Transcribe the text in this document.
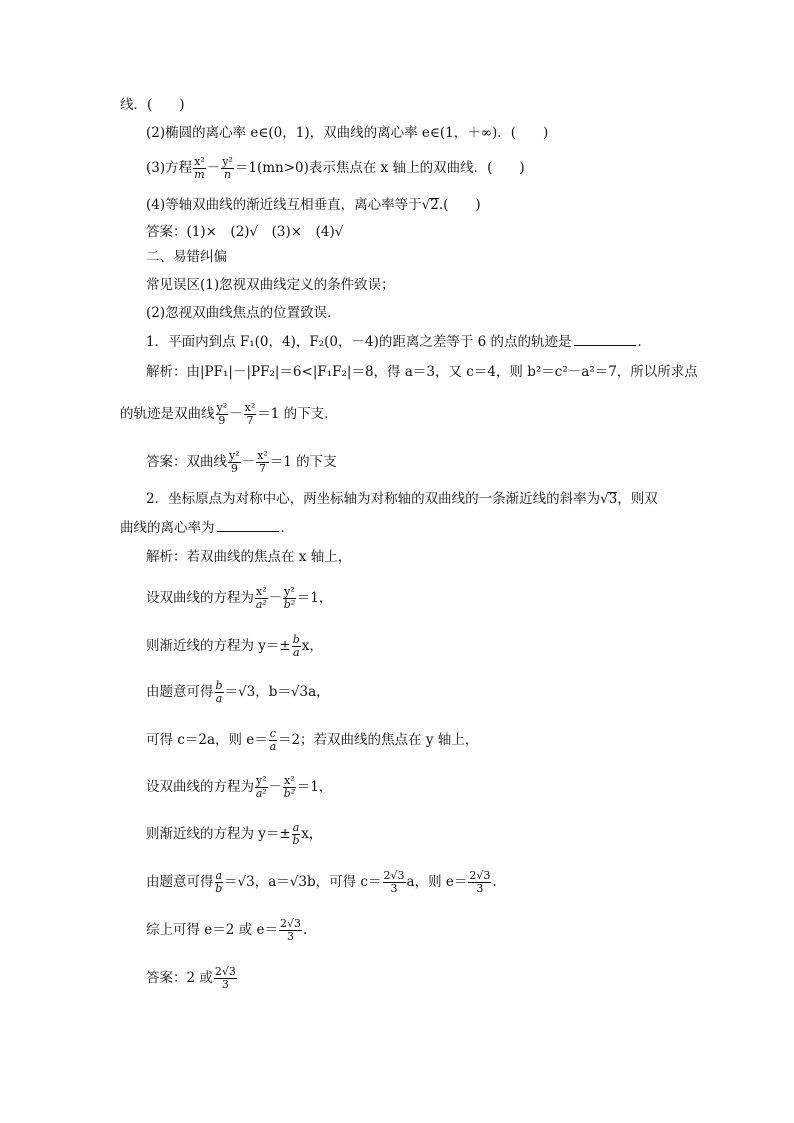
线．(　　)
(2)椭圆的离心率 e∈(0，1)，双曲线的离心率 e∈(1，＋∞)．(　　)
(3)方程 $\frac{\text{x²}}{m} - \frac{\text{y²}}{n} =1(mn>0)$表示焦点在 x 轴上的双曲线．(　　)
(4)等轴双曲线的渐近线互相垂直，离心率等于√2.(　　)
答案：(1)×　(2)√　(3)×　(4)√
二、易错纠偏
常见误区(1)忽视双曲线定义的条件致误；
(2)忽视双曲线焦点的位置致误．
1．平面内到点 F₁(0，4)，F₂(0，－4)的距离之差等于 6 的点的轨迹是	．
解析：由|PF₁|－|PF₂|＝6<|F₁F₂|＝8，得 a＝3，又 c＝4，则 b²＝c²－a²＝7，所以所求点
的轨迹是双曲线 $\frac{\text{y²}}{9} - \frac{\text{x²}}{7} =1$ 的下支．
答案：双曲线 $\frac{\text{y²}}{9} - \frac{\text{x²}}{7} =1$ 的下支
2．坐标原点为对称中心，两坐标轴为对称轴的双曲线的一条渐近线的斜率为√3，则双
曲线的离心率为	．
解析：若双曲线的焦点在 x 轴上，
设双曲线的方程为 $\frac{\text{x²}}{\text{a²}} - \frac{\text{y²}}{\text{b²}} =1$，
则渐近线的方程为 $y=\pm \frac{b}{a}$ x，
由题意可得 $\frac{b}{a} =√3$，b＝√3a，
可得 c＝2a，则 $e= \frac{c}{a} =2$；若双曲线的焦点在 y 轴上，
设双曲线的方程为 $\frac{\text{y²}}{\text{a²}} - \frac{\text{x²}}{\text{b²}} =1$，
则渐近线的方程为 $y=\pm \frac{a}{b}$ x，
由题意可得 $\frac{a}{b} =√3$，a＝√3b，可得 $c= \frac{2√3}{3}$ a，则 $e= \frac{2√3}{3}$ .
综上可得 e＝2 或 $e= \frac{2√3}{3}$ .
答案：2 或 $\frac{2√3}{3}$
